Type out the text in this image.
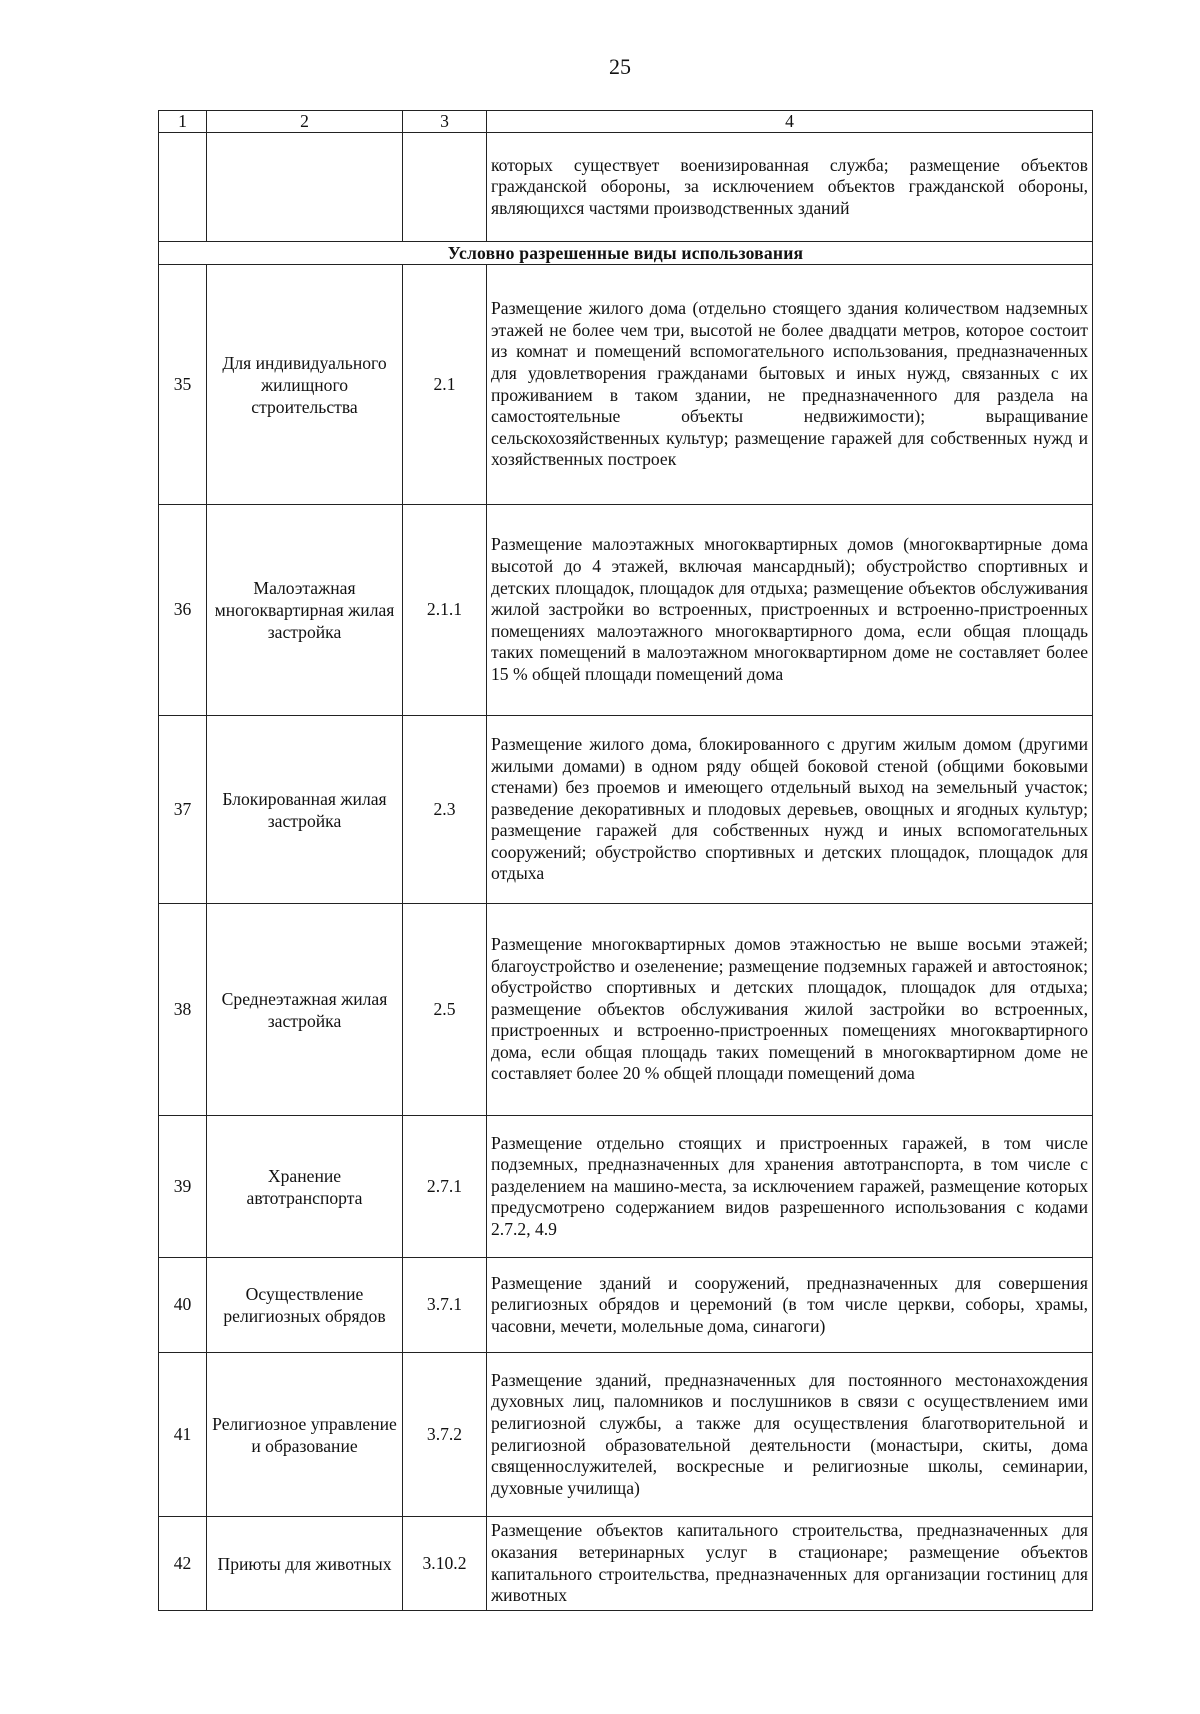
25
1	2	3	4
			которых существует военизированная служба; размещение объектов гражданской обороны, за исключением объектов гражданской обороны, являющихся частями производственных зданий
Условно разрешенные виды использования			
35	Для индивидуального жилищного строительства	2.1	Размещение жилого дома (отдельно стоящего здания количеством надземных этажей не более чем три, высотой не более двадцати метров, которое состоит из комнат и помещений вспомогательного использования, предназначенных для удовлетворения гражданами бытовых и иных нужд, связанных с их проживанием в таком здании, не предназначенного для раздела на самостоятельные объекты недвижимости); выращивание сельскохозяйственных культур; размещение гаражей для собственных нужд и хозяйственных построек
36	Малоэтажная многоквартирная жилая застройка	2.1.1	Размещение малоэтажных многоквартирных домов (многоквартирные дома высотой до 4 этажей, включая мансардный); обустройство спортивных и детских площадок, площадок для отдыха; размещение объектов обслуживания жилой застройки во встроенных, пристроенных и встроенно-пристроенных помещениях малоэтажного многоквартирного дома, если общая площадь таких помещений в малоэтажном многоквартирном доме не составляет более 15 % общей площади помещений дома
37	Блокированная жилая застройка	2.3	Размещение жилого дома, блокированного с другим жилым домом (другими жилыми домами) в одном ряду общей боковой стеной (общими боковыми стенами) без проемов и имеющего отдельный выход на земельный участок; разведение декоративных и плодовых деревьев, овощных и ягодных культур; размещение гаражей для собственных нужд и иных вспомогательных сооружений; обустройство спортивных и детских площадок, площадок для отдыха
38	Среднеэтажная жилая застройка	2.5	Размещение многоквартирных домов этажностью не выше восьми этажей; благоустройство и озеленение; размещение подземных гаражей и автостоянок; обустройство спортивных и детских площадок, площадок для отдыха; размещение объектов обслуживания жилой застройки во встроенных, пристроенных и встроенно-пристроенных помещениях многоквартирного дома, если общая площадь таких помещений в многоквартирном доме не составляет более 20 % общей площади помещений дома
39	Хранение автотранспорта	2.7.1	Размещение отдельно стоящих и пристроенных гаражей, в том числе подземных, предназначенных для хранения автотранспорта, в том числе с разделением на машино-места, за исключением гаражей, размещение которых предусмотрено содержанием видов разрешенного использования с кодами 2.7.2, 4.9
40	Осуществление религиозных обрядов	3.7.1	Размещение зданий и сооружений, предназначенных для совершения религиозных обрядов и церемоний (в том числе церкви, соборы, храмы, часовни, мечети, молельные дома, синагоги)
41	Религиозное управление и образование	3.7.2	Размещение зданий, предназначенных для постоянного местонахождения духовных лиц, паломников и послушников в связи с осуществлением ими религиозной службы, а также для осуществления благотворительной и религиозной образовательной деятельности (монастыри, скиты, дома священнослужителей, воскресные и религиозные школы, семинарии, духовные училища)
42	Приюты для животных	3.10.2	Размещение объектов капитального строительства, предназначенных для оказания ветеринарных услуг в стационаре; размещение объектов капитального строительства, предназначенных для организации гостиниц для животных
